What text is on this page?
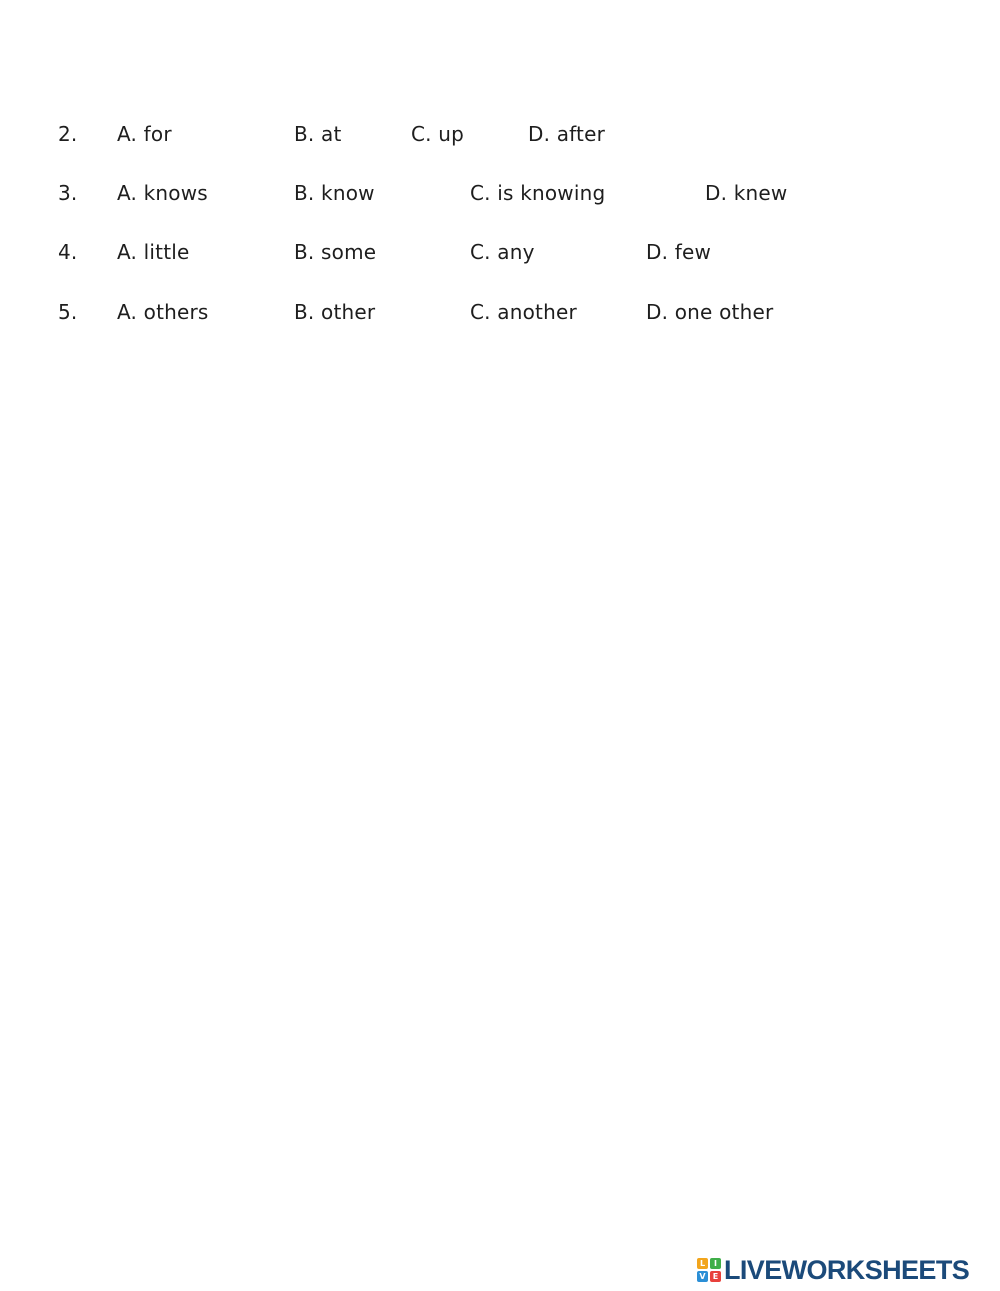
2. A. for	B. at	C. up	D. after
3. A. knows	B. know	C. is knowing	D. knew
4. A. little	B. some	C. any	D. few
5. A. others	B. other	C. another	D. one other
L	I
V E LIVEWORKSHEETS
